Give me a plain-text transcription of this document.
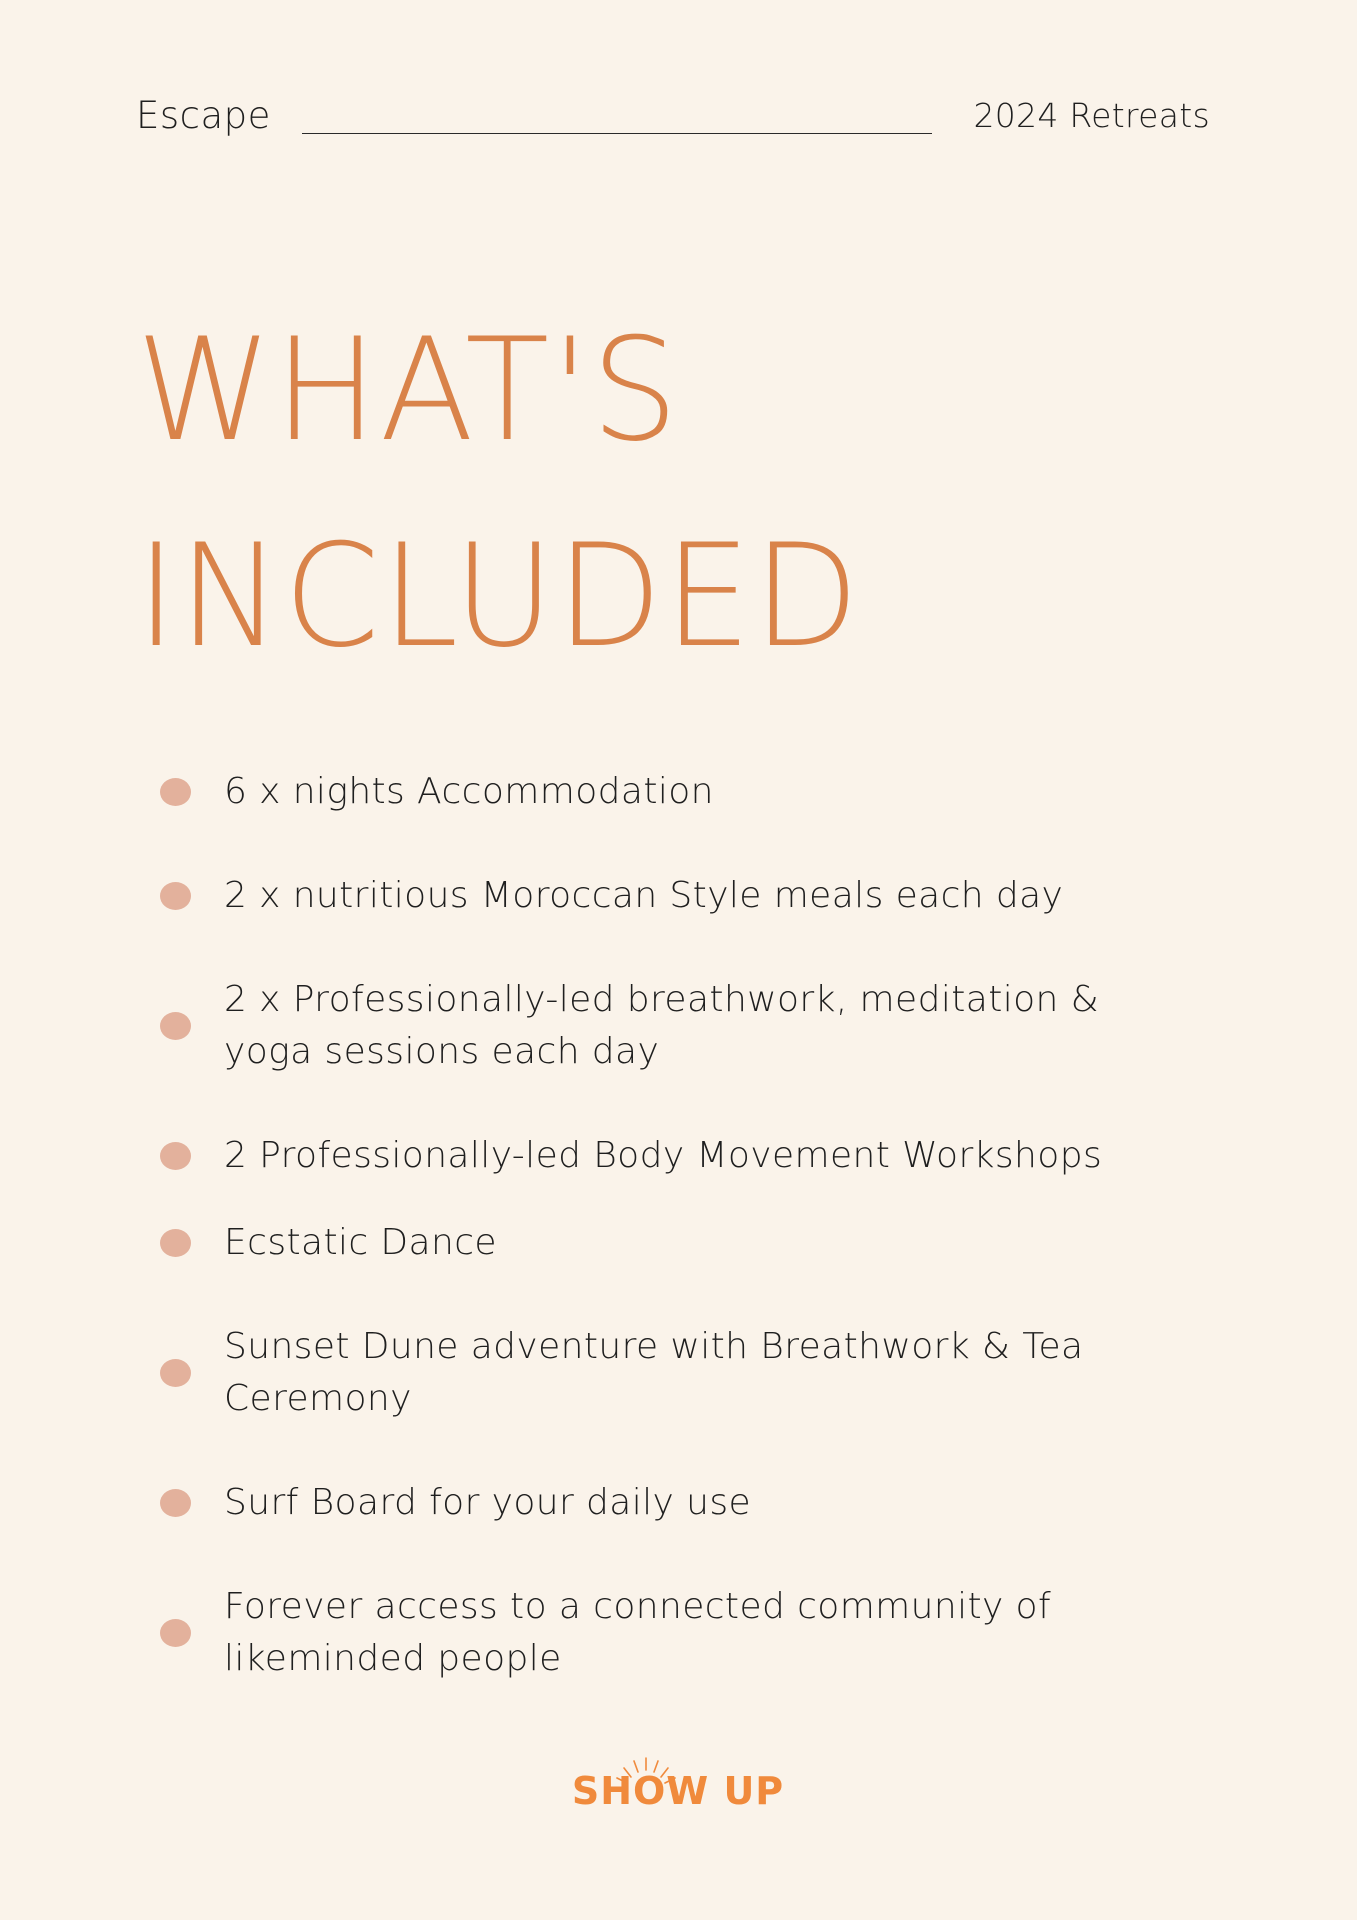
Escape	2024 Retreats
WHAT'S
INCLUDED
6 x nights Accommodation
2 x nutritious Moroccan Style meals each day
2 x Professionally-led breathwork, meditation & yoga sessions each day
2 Professionally-led Body Movement Workshops
Ecstatic Dance
Sunset Dune adventure with Breathwork & Tea Ceremony
Surf Board for your daily use
Forever access to a connected community of likeminded people
SHOW UP
